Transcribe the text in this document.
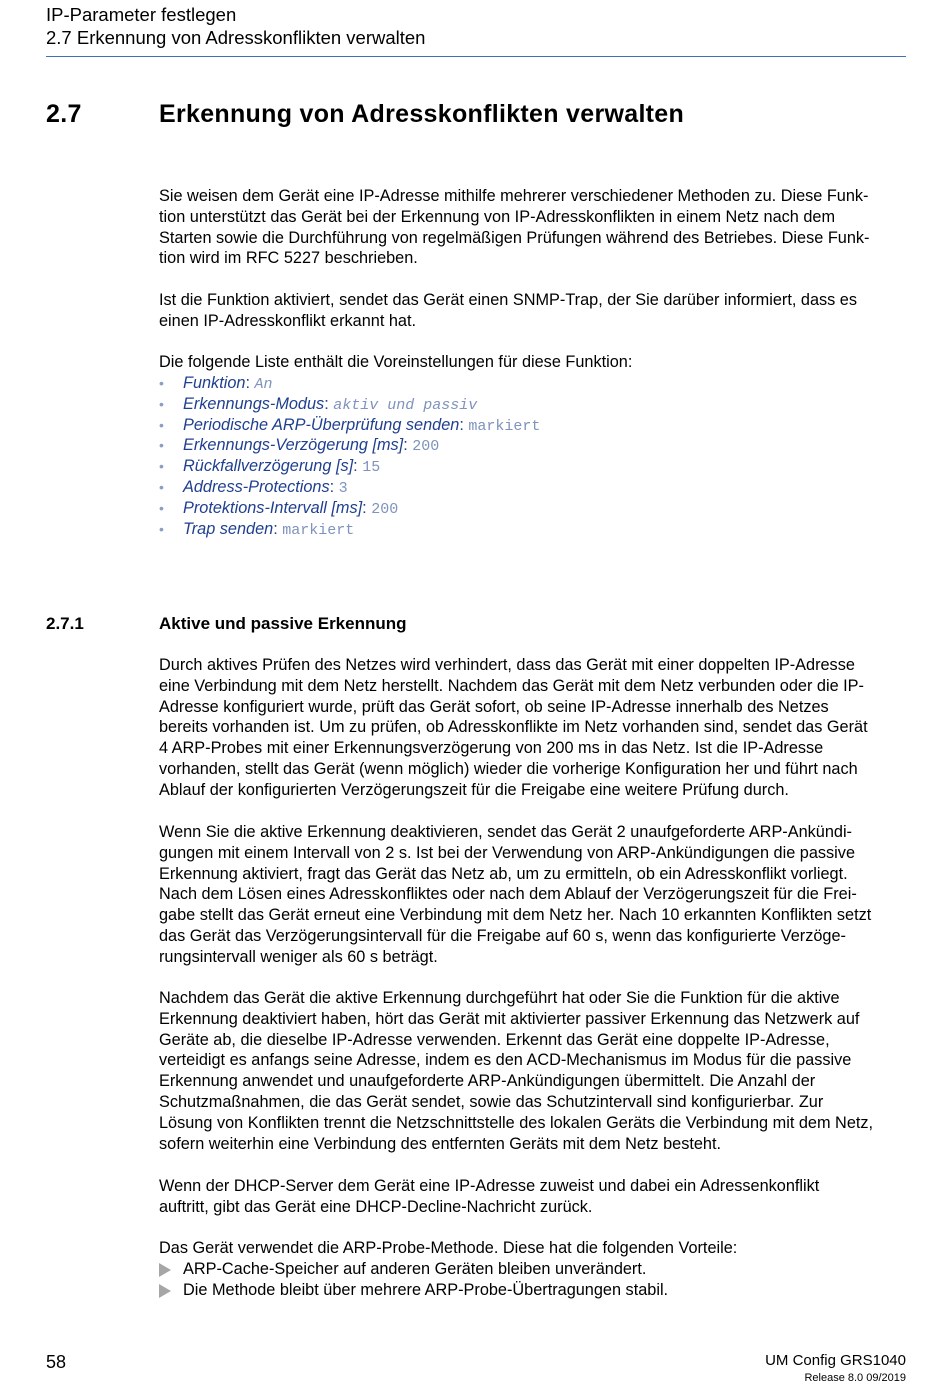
IP-Parameter festlegen
2.7 Erkennung von Adresskonflikten verwalten
2.7	Erkennung von Adresskonflikten verwalten

Sie weisen dem Gerät eine IP-Adresse mithilfe mehrerer verschiedener Methoden zu. Diese Funk-
tion unterstützt das Gerät bei der Erkennung von IP-Adresskonflikten in einem Netz nach dem
Starten sowie die Durchführung von regelmäßigen Prüfungen während des Betriebes. Diese Funk-
tion wird im RFC 5227 beschrieben.

Ist die Funktion aktiviert, sendet das Gerät einen SNMP-Trap, der Sie darüber informiert, dass es
einen IP-Adresskonflikt erkannt hat.

Die folgende Liste enthält die Voreinstellungen für diese Funktion:

• Funktion: An
• Erkennungs-Modus: aktiv und passiv
• Periodische ARP-Überprüfung senden: markiert
• Erkennungs-Verzögerung [ms]: 200
• Rückfallverzögerung [s]: 15
• Address-Protections: 3
• Protektions-Intervall [ms]: 200
• Trap senden: markiert
2.7.1	Aktive und passive Erkennung

Durch aktives Prüfen des Netzes wird verhindert, dass das Gerät mit einer doppelten IP-Adresse
eine Verbindung mit dem Netz herstellt. Nachdem das Gerät mit dem Netz verbunden oder die IP-
Adresse konfiguriert wurde, prüft das Gerät sofort, ob seine IP-Adresse innerhalb des Netzes
bereits vorhanden ist. Um zu prüfen, ob Adresskonflikte im Netz vorhanden sind, sendet das Gerät
4 ARP-Probes mit einer Erkennungsverzögerung von 200 ms in das Netz. Ist die IP-Adresse
vorhanden, stellt das Gerät (wenn möglich) wieder die vorherige Konfiguration her und führt nach
Ablauf der konfigurierten Verzögerungszeit für die Freigabe eine weitere Prüfung durch.

Wenn Sie die aktive Erkennung deaktivieren, sendet das Gerät 2 unaufgeforderte ARP-Ankündi-
gungen mit einem Intervall von 2 s. Ist bei der Verwendung von ARP-Ankündigungen die passive
Erkennung aktiviert, fragt das Gerät das Netz ab, um zu ermitteln, ob ein Adresskonflikt vorliegt.
Nach dem Lösen eines Adresskonfliktes oder nach dem Ablauf der Verzögerungszeit für die Frei-
gabe stellt das Gerät erneut eine Verbindung mit dem Netz her. Nach 10 erkannten Konflikten setzt
das Gerät das Verzögerungsintervall für die Freigabe auf 60 s, wenn das konfigurierte Verzöge-
rungsintervall weniger als 60 s beträgt.

Nachdem das Gerät die aktive Erkennung durchgeführt hat oder Sie die Funktion für die aktive
Erkennung deaktiviert haben, hört das Gerät mit aktivierter passiver Erkennung das Netzwerk auf
Geräte ab, die dieselbe IP-Adresse verwenden. Erkennt das Gerät eine doppelte IP-Adresse,
verteidigt es anfangs seine Adresse, indem es den ACD-Mechanismus im Modus für die passive
Erkennung anwendet und unaufgeforderte ARP-Ankündigungen übermittelt. Die Anzahl der
Schutzmaßnahmen, die das Gerät sendet, sowie das Schutzintervall sind konfigurierbar. Zur
Lösung von Konflikten trennt die Netzschnittstelle des lokalen Geräts die Verbindung mit dem Netz,
sofern weiterhin eine Verbindung des entfernten Geräts mit dem Netz besteht.

Wenn der DHCP-Server dem Gerät eine IP-Adresse zuweist und dabei ein Adressenkonflikt
auftritt, gibt das Gerät eine DHCP-Decline-Nachricht zurück.

Das Gerät verwendet die ARP-Probe-Methode. Diese hat die folgenden Vorteile:

ARP-Cache-Speicher auf anderen Geräten bleiben unverändert.
Die Methode bleibt über mehrere ARP-Probe-Übertragungen stabil.
58	UM Config GRS1040
Release 8.0 09/2019
